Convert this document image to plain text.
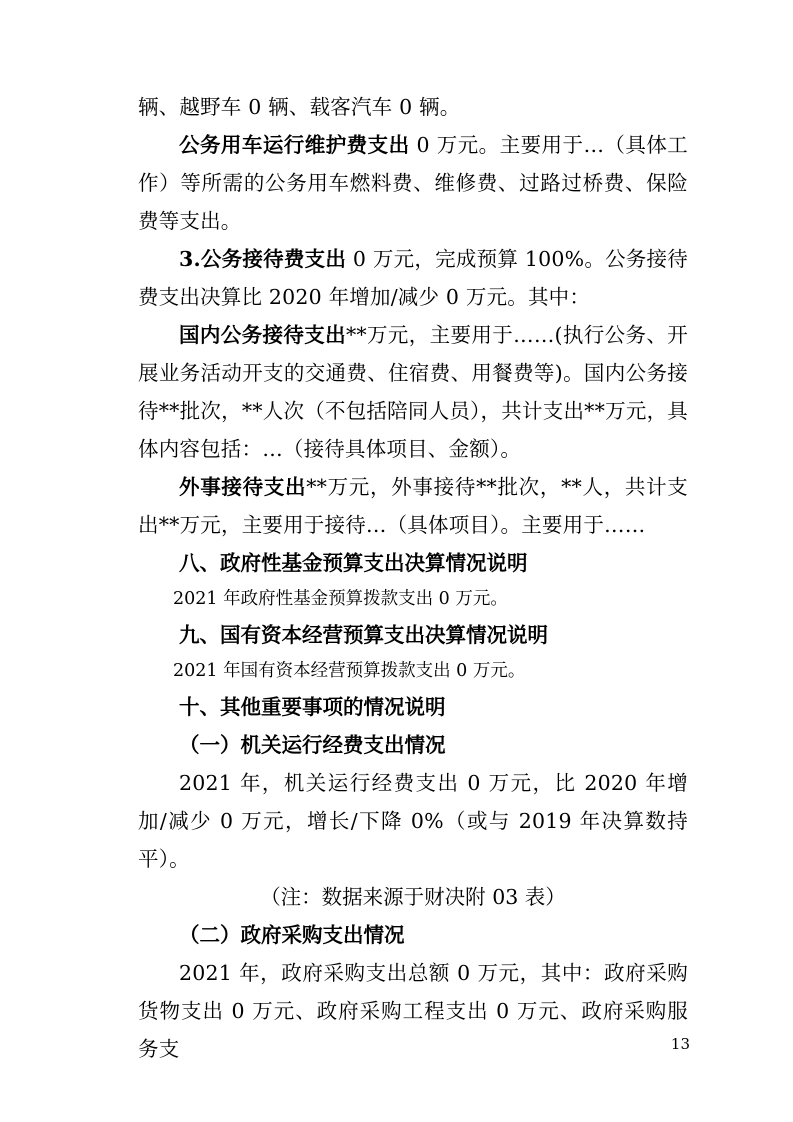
辆、越野车 0 辆、载客汽车 0 辆。

公务用车运行维护费支出 0 万元。主要用于…（具体工作）等所需的公务用车燃料费、维修费、过路过桥费、保险费等支出。

3.公务接待费支出 0 万元，完成预算 100%。公务接待费支出决算比 2020 年增加/减少 0 万元。其中：

国内公务接待支出**万元，主要用于……(执行公务、开展业务活动开支的交通费、住宿费、用餐费等)。国内公务接待**批次，**人次（不包括陪同人员），共计支出**万元，具体内容包括：…（接待具体项目、金额）。

外事接待支出**万元，外事接待**批次，**人，共计支出**万元，主要用于接待…（具体项目）。主要用于……

八、政府性基金预算支出决算情况说明

2021 年政府性基金预算拨款支出 0 万元。

九、国有资本经营预算支出决算情况说明

2021 年国有资本经营预算拨款支出 0 万元。

十、其他重要事项的情况说明

（一）机关运行经费支出情况

2021 年，机关运行经费支出 0 万元，比 2020 年增加/减少 0 万元，增长/下降 0%（或与 2019 年决算数持平）。

（注：数据来源于财决附 03 表）

（二）政府采购支出情况

2021 年，政府采购支出总额 0 万元，其中：政府采购货物支出 0 万元、政府采购工程支出 0 万元、政府采购服务支	13
